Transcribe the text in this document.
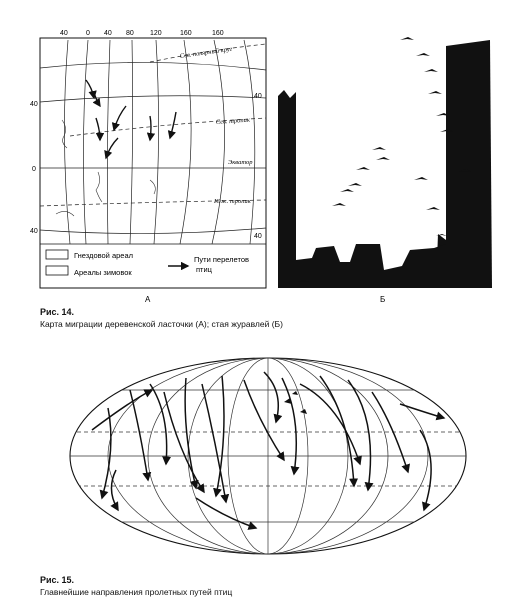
40	0 40 80 120	160	160
40
0
40
40
40
Сев. полярный круг
Сев. тропик
Экватор
Юж. тропик
Гнездовой ареал
Ареалы зимовок
Пути перелетов
птиц
А	Б
Рис. 14.
Карта миграции деревенской ласточки (А); стая журавлей (Б)
Рис. 15.
Главнейшие направления пролетных путей птиц
